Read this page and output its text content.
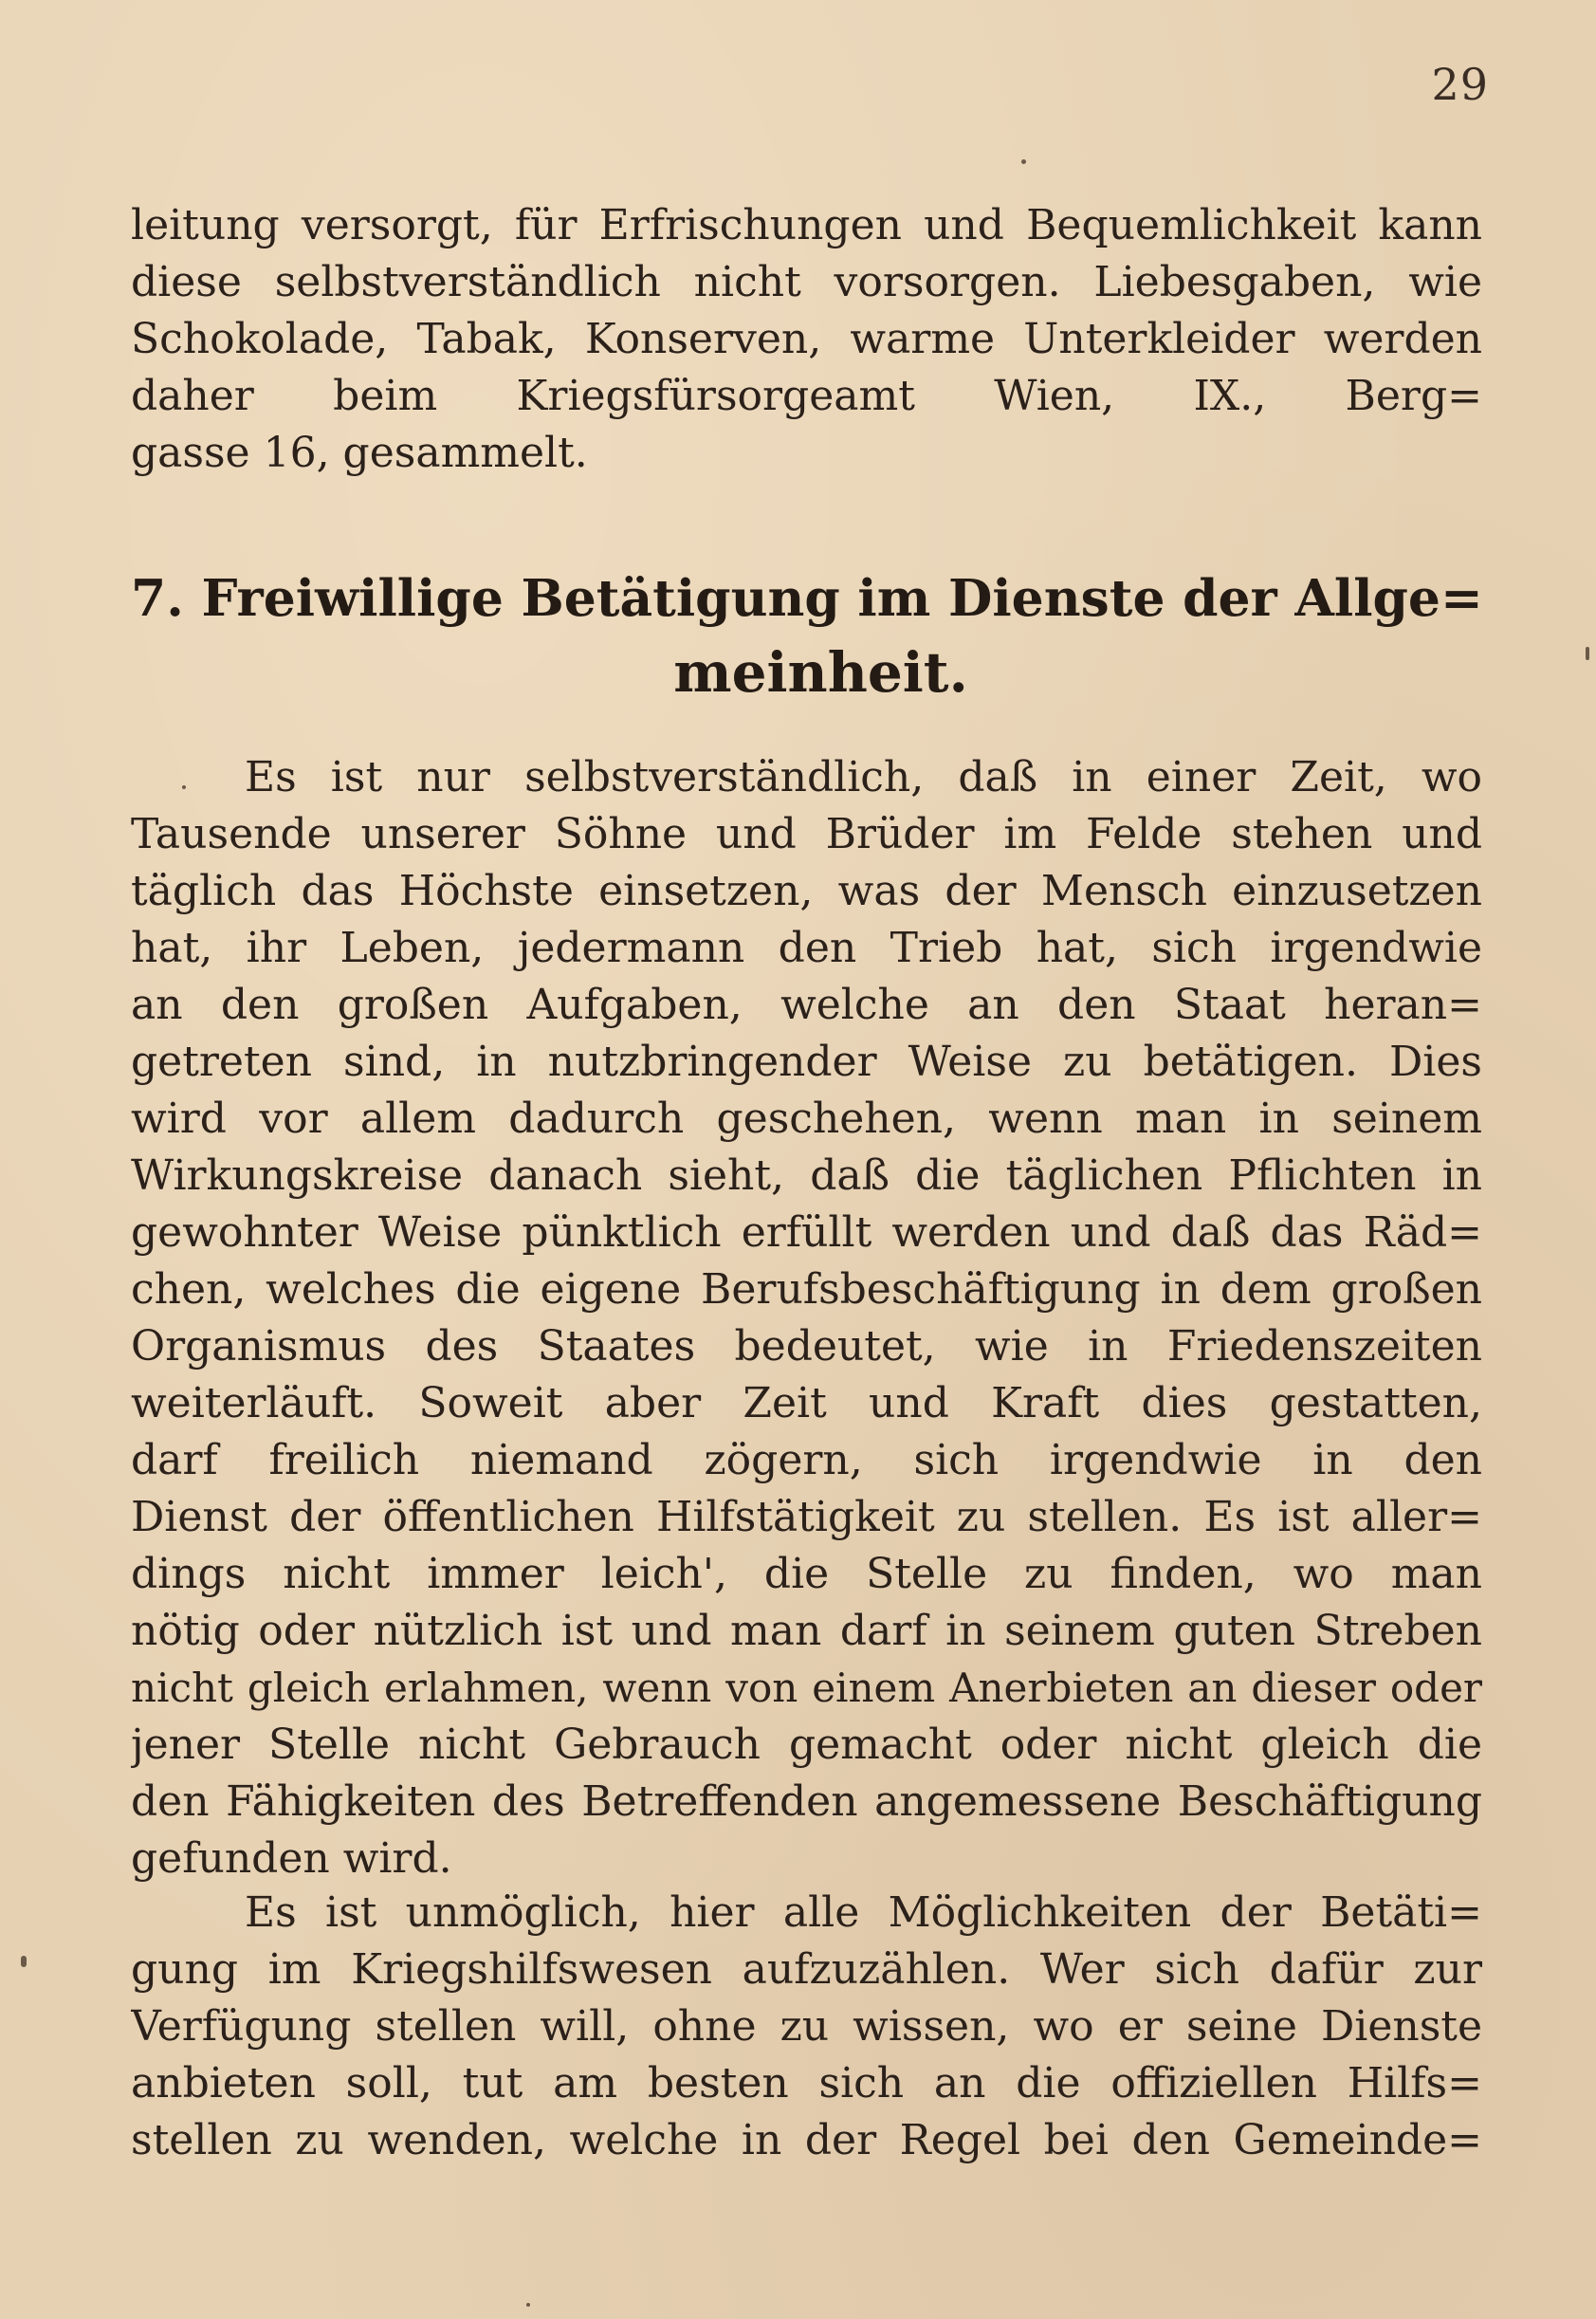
29
leitung versorgt, für Erfrischungen und Bequemlichkeit kann
diese selbstverständlich nicht vorsorgen. Liebesgaben, wie
Schokolade, Tabak, Konserven, warme Unterkleider werden
daher beim Kriegsfürsorgeamt Wien, IX., Berg=
gasse 16, gesammelt.
7. Freiwillige Betätigung im Dienste der Allge=
meinheit.
Es ist nur selbstverständlich, daß in einer Zeit, wo
Tausende unserer Söhne und Brüder im Felde stehen und
täglich das Höchste einsetzen, was der Mensch einzusetzen
hat, ihr Leben, jedermann den Trieb hat, sich irgendwie
an den großen Aufgaben, welche an den Staat heran=
getreten sind, in nutzbringender Weise zu betätigen. Dies
wird vor allem dadurch geschehen, wenn man in seinem
Wirkungskreise danach sieht, daß die täglichen Pflichten in
gewohnter Weise pünktlich erfüllt werden und daß das Räd=
chen, welches die eigene Berufsbeschäftigung in dem großen
Organismus des Staates bedeutet, wie in Friedenszeiten
weiterläuft. Soweit aber Zeit und Kraft dies gestatten,
darf freilich niemand zögern, sich irgendwie in den
Dienst der öffentlichen Hilfstätigkeit zu stellen. Es ist aller=
dings nicht immer leich', die Stelle zu finden, wo man
nötig oder nützlich ist und man darf in seinem guten Streben
nicht gleich erlahmen, wenn von einem Anerbieten an dieser oder
jener Stelle nicht Gebrauch gemacht oder nicht gleich die
den Fähigkeiten des Betreffenden angemessene Beschäftigung
gefunden wird.
Es ist unmöglich, hier alle Möglichkeiten der Betäti=
gung im Kriegshilfswesen aufzuzählen. Wer sich dafür zur
Verfügung stellen will, ohne zu wissen, wo er seine Dienste
anbieten soll, tut am besten sich an die offiziellen Hilfs=
stellen zu wenden, welche in der Regel bei den Gemeinde=
